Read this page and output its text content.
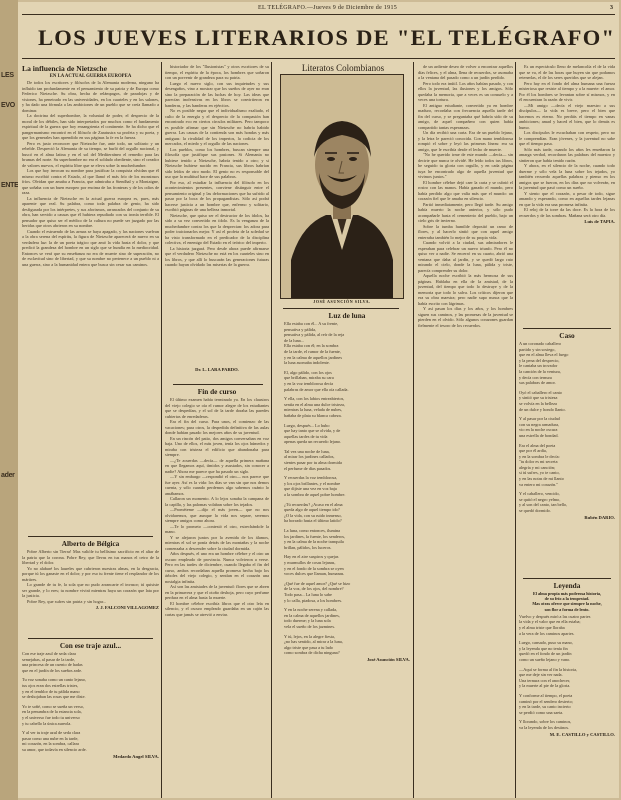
LES
EVO
ENTE
ader
EL TELÉGRAFO.—Jueves 9 de Diciembre de 1915	3
LOS JUEVES LITERARIOS DE "EL TELÉGRAFO"

La influencia de Nietzsche

EN LA ACTUAL GUERRA EUROPEA

De todos los escritores y filósofos de la Alemania moderna, ninguno ha influido tan profundamente en el pensamiento de su patria y de Europa como Federico Nietzsche. Su obra, hecha de relámpagos, de paradojas y de visiones, ha penetrado en las universidades, en los cuarteles y en los salones, y ha dado una fórmula a las ambiciones de un pueblo que se creía llamado a dominar.

La doctrina del superhombre, la voluntad de poder, el desprecio de la moral de los débiles, han sido interpretados por muchos como el fundamento espiritual de la guerra que hoy ensangrienta el continente. Se ha dicho que el pangermanismo encontró en el filósofo de Zaratustra su profeta y su poeta, y que los generales han aprendido en sus páginas la fe en la fuerza.

Pero es justo reconocer que Nietzsche fue, ante todo, un solitario y un rebelde. Despreció la Alemania de su tiempo, se burló del orgullo nacional, y buscó en el alma latina y en el sol del Mediterráneo el remedio para las brumas del norte. Su superhombre no era el soldado obediente, sino el creador de valores nuevos, el espíritu libre que se eleva sobre la muchedumbre.

Los que hoy invocan su nombre para justificar la conquista olvidan que él mismo escribió contra el Estado, al que llamó el más frío de los monstruos fríos. Olvidan que amaba a Francia, que admiraba a Stendhal y a Montaigne, que soñaba con un buen europeo por encima de las fronteras y de los odios de raza.

La influencia de Nietzsche en la actual guerra europea es, pues, más aparente que real. Su palabra, como toda palabra de genio, ha sido desfigurada por los intérpretes, y sus aforismos, arrancados del conjunto de su obra, han servido a causas que él hubiera repudiado con su ironía terrible. El pensador que quiso ser el médico de la cultura no puede ser juzgado por las heridas que otros abrieron en su nombre.

Cuando el estruendo de las armas se haya apagado, y las naciones vuelvan a la obra serena del espíritu, la figura de Nietzsche aparecerá de nuevo en su verdadera luz: la de un poeta trágico que amó la vida hasta el dolor, y que predicó la grandeza del hombre en un siglo que se hundía en la mediocridad. Entonces se verá que su enseñanza no era de muerte sino de superación, no de esclavitud sino de libertad, y que su nombre no pertenece a un pueblo ni a una guerra, sino a la humanidad entera que busca sin cesar sus caminos.

Alberto de Bélgica

Pobre Alberto sin Tierra! Mas valióle tu bellísimo sacrificio en el altar de la patria que la corona. Pobre Rey, que llevas en tus manos el cetro de la libertad y el dolor.

Yo no alabaré los laureles que cubrieron nuestras almas, en la desgracia, porque tú los ganaste en el dolor; y por eso tu frente tiene el resplandor de los mártires.

Lo grande de tu fe, la sola que no pudo arrancarte el invasor; tú quisiste ser grande, y lo eres; tu nombre vivirá mientras haya un corazón que lata por la justicia.

Pobre Rey, que sufres sin patria y sin hogar...

J. J. FALCONI VILLAGOMEZ

Con ese traje azul...

Con ese traje azul de seda clara
semejabas, al pasar de la tarde,
una princesa de un cuento de hadas
que en el jardín de los sueños arde.
Tu voz sonaba como un canto lejano,
tus ojos eran dos estrellas tristes,
y en el temblor de tu pálida mano
se deshojaban las rosas que me diste.
Yo te soñé, como se sueña un verso,
en la penumbra de la estancia sola,
y el universo fue todo tu universo
y tu cabello la única aureola.
Y al ver tu traje azul de seda clara
pasar como una nube en la tarde,
mi corazón, en la sombra, callara
su amor, que todavía en silencio arde.
Medardo Angel SILVA.

historiador de los "Ilusionistas" y otros escritores de su tiempo, el espíritu de la época, los hombres que soñaron con un porvenir de grandeza para su patria.

Luego el nuevo siglo, con sus inquietudes y sus desengaños, vino a mostrar que los sueños de ayer no eran sino la preparación de las luchas de hoy. Las ideas que parecían inofensivas en los libros se convirtieron en banderas, y las banderas en ejércitos.

No es posible negar que el individualismo exaltado, el culto de la energía y el desprecio de la compasión han encontrado eco en ciertos círculos militares. Pero tampoco es posible afirmar que sin Nietzsche no habría habido guerra. Las causas de la contienda son más hondas y más antiguas: la rivalidad de los imperios, la codicia de los mercados, el miedo y el orgullo de las naciones.

Los pueblos, como los hombres, buscan siempre una filosofía que justifique sus pasiones. Si Alemania no hubiese tenido a Nietzsche, habría tenido a otro; y si Nietzsche hubiese nacido en Francia, sus libros habrían sido leídos de otro modo. El genio no es responsable del uso que la multitud hace de sus palabras.

Por eso, al estudiar la influencia del filósofo en los acontecimientos presentes, conviene distinguir entre el pensamiento original y las deformaciones que ha sufrido al pasar por la boca de los propagandistas. Sólo así podrá hacerse justicia a un hombre que, enfermo y solitario, escribió páginas de una belleza inmortal.

Nietzsche, que quiso ser el destructor de los ídolos, ha sido a su vez convertido en ídolo. Es la venganza de la muchedumbre contra los que la desprecian: los adora para poder traicionarlos mejor. Y así el profeta de la soledad se ha visto transformado en el predicador de la disciplina colectiva, el enemigo del Estado en el teórico del imperio.

La historia juzgará. Pero desde ahora puede afirmarse que el verdadero Nietzsche no está en los cuarteles sino en los libros, y que allí lo buscarán las generaciones futuras cuando hayan olvidado las miserias de la guerra.

Dr. L. LARA PARDO.

Fin de curso

El último examen había terminado ya. En los claustros del viejo colegio se oía el rumor alegre de los estudiantes que se despedían, y el sol de la tarde doraba las paredes cubiertas de enredaderas.

Era el fin del curso. Para unos, el comienzo de las vacaciones; para otros, la despedida definitiva de las aulas donde habían pasado los mejores años de su juventud.

En un rincón del patio, dos amigos conversaban en voz baja. Uno de ellos, el más joven, tenía los ojos húmedos y miraba con tristeza el edificio que abandonaba para siempre.

—¿Te acuerdas —decía— de aquella primera mañana en que llegamos aquí, tímidos y asustados, sin conocer a nadie? Ahora me parece que ha pasado un siglo.

—Y sin embargo —respondió el otro— nos parece que fue ayer. Así es la vida: los días se van sin que nos demos cuenta, y sólo cuando perdemos algo sabemos cuánto lo amábamos.

Callaron un momento. A lo lejos sonaba la campana de la capilla, y las palomas volaban sobre los tejados.

—Prométeme —dijo el más joven— que no nos olvidaremos, que aunque la vida nos separe, seremos siempre amigos como ahora.

—Te lo prometo —contestó el otro, estrechándole la mano.

Y se alejaron juntos por la avenida de los álamos, mientras el sol se ponía detrás de las montañas y la noche comenzaba a descender sobre la ciudad dormida.

Años después, el uno era un hombre célebre y el otro un oscuro empleado de provincia. Nunca volvieron a verse. Pero en las tardes de diciembre, cuando llegaba el fin del curso, ambos recordaban aquella promesa hecha bajo los árboles del viejo colegio, y sentían en el corazón una nostalgia infinita.

Así son las amistades de la juventud: flores que se abren en la primavera y que el otoño deshoja, pero cuyo perfume perdura en el alma hasta la muerte.

El hombre célebre escribía libros que el otro leía en silencio, y el oscuro empleado guardaba en un cajón las cartas que jamás se atrevió a enviar.

Literatos Colombianos

JOSÉ ASUNCIÓN SILVA.

Luz de luna

Ella estaba con él... A su frente,
pensativa y pálida,
pensativa y pálida, al reír de la reja
de la luna...
Ella estaba con él; en la sombra
de la tarde, el rumor de la fuente,
y en la calma de aquellos jardines
la luna asomaba indolente.
El, algo pálido, con los ojos
que brillaban, miraba su cara
y en la voz temblorosa decía
palabras de amor que ella oía callada.
Y ella, con los labios entreabiertos,
sentía en el alma una dulce tristeza,
mientras la luna, velada de nubes,
bañaba de plata su blanca cabeza.
Luego, después... Lo hubo
que hay tanto que se olvida, y de
aquellas tardes de tu vida
apenas queda un recuerdo lejano.
Tal vez una noche de luna,
al mirar los jardines callados,
sientes pasar por tu alma dormida
el perfume de días pasados.
Y recuerdas la voz temblorosa,
y los ojos brillantes, y el nombre
que dijiste una vez en voz baja
a la sombra de aquel pobre hombre.
¿Tú recuerdas? ¿Acaso en el alma
queda algo de aquel tiempo ido?
¿O la vida, con su ruido inmenso,
ha borrado hasta el último latido?
La luna, como entonces, ilumina
los jardines, la fuente, los senderos,
y en la calma de la noche tranquila
brillan, pálidos, los luceros.
Hay en el aire suspiros y quejas
y murmullos de cosas lejanas,
y en el fondo de la sombra se oyen
voces dulces que llaman, humanas.
¿Qué fue de aquel amor? ¿Qué se hizo
de la voz, de los ojos, del nombre?
Todo pasa... La luna lo sabe
y lo calla, piadosa, a los hombres.
Y en la noche serena y callada,
en la calma de aquellos jardines,
todo duerme; y la luna sola
vela el sueño de los jazmines.
Y tú, lejos, en la alegre fiesta,
¿no has sentido, al mirar a la luna,
algo triste que pasa a tu lado
como sombra de dicha ninguna?
José Asunción SILVA.

de un ardiente deseo de volver a encontrar aquellos días felices, y el alma, llena de recuerdos, se asomaba a la ventana del pasado como a un jardín perdido.

Pero todo era inútil. Los años habían pasado, y con ellos la juventud, las ilusiones y los amigos. Sólo quedaba la memoria, que a veces es un consuelo y a veces una tortura.

El antiguo estudiante, convertido ya en hombre maduro, recordaba con frecuencia aquella tarde del fin del curso, y se preguntaba qué habría sido de su amigo, de aquel compañero con quien había compartido tantas esperanzas.

Un día recibió una carta. Era de un pueblo lejano, y la letra le pareció conocida. Con mano temblorosa rompió el sobre y leyó las primeras líneas: era su amigo, que le escribía desde el lecho de muerte.

"No he querido irme de este mundo —decía— sin decirte que nunca te olvidé. He leído todos tus libros, he seguido tu gloria con orgullo, y en cada página tuya he encontrado algo de aquella juventud que vivimos juntos."

El hombre célebre dejó caer la carta y se cubrió el rostro con las manos. Había ganado el mundo, pero había perdido algo que valía más que el mundo: un corazón fiel que le amaba en silencio.

Partió inmediatamente, pero llegó tarde. Su amigo había muerto la noche anterior, y sólo pudo acompañarle hasta el cementerio del pueblo, bajo un cielo gris de invierno.

Sobre la tumba humilde depositó un ramo de flores, y al hacerlo sintió que con aquel amigo enterraba también lo mejor de su propia vida.

Cuando volvió a la ciudad, sus admiradores le esperaban para celebrar un nuevo triunfo. Pero él no quiso ver a nadie. Se encerró en su cuarto, abrió una ventana que daba al jardín, y se quedó largo rato mirando el cielo, donde la luna, pálida y triste, parecía comprender su dolor.

Aquella noche escribió la más hermosa de sus páginas. Hablaba en ella de la amistad, de la juventud, del tiempo que todo lo destruye y de la memoria que todo lo salva. Los críticos dijeron que era su obra maestra; pero nadie supo nunca que la había escrito con lágrimas.

Y así pasan los días y los años, y los hombres siguen sus caminos, y las promesas de la juventud se pierden en el olvido. Sólo algunos corazones guardan fielmente el tesoro de los recuerdos.

Es un espectáculo lleno de melancolía el de la vida que se va, el de las horas que huyen sin que podamos retenerlas, el de los seres queridos que se alejan.

Pero hay en el fondo del alma humana una fuerza misteriosa que resiste al tiempo y a la muerte: el amor. Por él los hombres se levantan sobre sí mismos, y en él encuentran la razón de vivir.

—Mi amigo —decía el viejo maestro a sus discípulos— la vida es breve, pero el bien que hacemos es eterno. No perdáis el tiempo en vanas ambiciones; amad y haced el bien, que lo demás es humo.

Los discípulos le escuchaban con respeto, pero no le comprendían. Eran jóvenes, y la juventud no sabe que el tiempo pasa.

Sólo más tarde, cuando los años les enseñaron la amarga verdad, recordaron las palabras del maestro y sintieron que había tenido razón.

Y ahora, en el silencio de la noche, cuando todo duerme y sólo vela la luna sobre los tejados, yo también recuerdo aquellas palabras y pienso en los amigos que se fueron, en los días que no volverán, en la juventud que pasó como un sueño.

Y siento que el corazón, a pesar de todo, sigue amando y esperando, como en aquellas tardes lejanas en que la vida era una promesa infinita.

El reloj de la torre da las doce. Es la hora de los recuerdos y de las sombras. Mañana será otro día.

Luis de TAPIA.

Caso

A un coronado caballero
partido y sin sosiego,
que en el alma lleva el fuego
y la pena del desprecio,
le cantaba un trovador
la canción de la ventura,
y decía con ternura
sus palabras de amor.
Oyó el caballero el canto
y sintió que su tristeza
se volvía en la belleza
de un dulce y hondo llanto.
Y al pasar por la ciudad
con su negra armadura,
vio en la noche oscura
una estrella de bondad.
Era el alma del poeta
que por él ardía,
y en la sombra le decía:
"tu dolor es mi secreta
alegría y mi canción;
si tú sufres, yo te canto,
y en las notas de mi llanto
va entero mi corazón."
Y el caballero, vencido,
se quitó el negro yelmo,
y al son del canto, tan bello,
se quedó dormido.
Rubén DARIO.

Leyenda

El alma propia más poderosa historia,
de su frío a la tempestad.
Mas otras ofrece que siempre la noche,
son flor a forma de lento.
Vuelvo y después miró a las cuatro partes
la vida y el valor que en ella estaba;
y el alma triste que lloraba
a la vera de los caminos apartes.
Luego, cansado, puso su mano,
y la leyenda que no tenía fin
quedó en el fondo de un jardín
como un sueño lejano y vano.
—Aquí se forma al fin la historia,
que me deje sin ver nada.
Una ternura con el anochecer,
y la muerte al pie de la gloria.
Y conforme al tiempo, el poeta
caminó por el sendero desierto;
y en la tarde, su canto incierto
se perdió como una saeta.
Y llorando, sobre los caminos,
va la leyenda de los destinos.
M. E. CASTILLO y CASTILLO.
